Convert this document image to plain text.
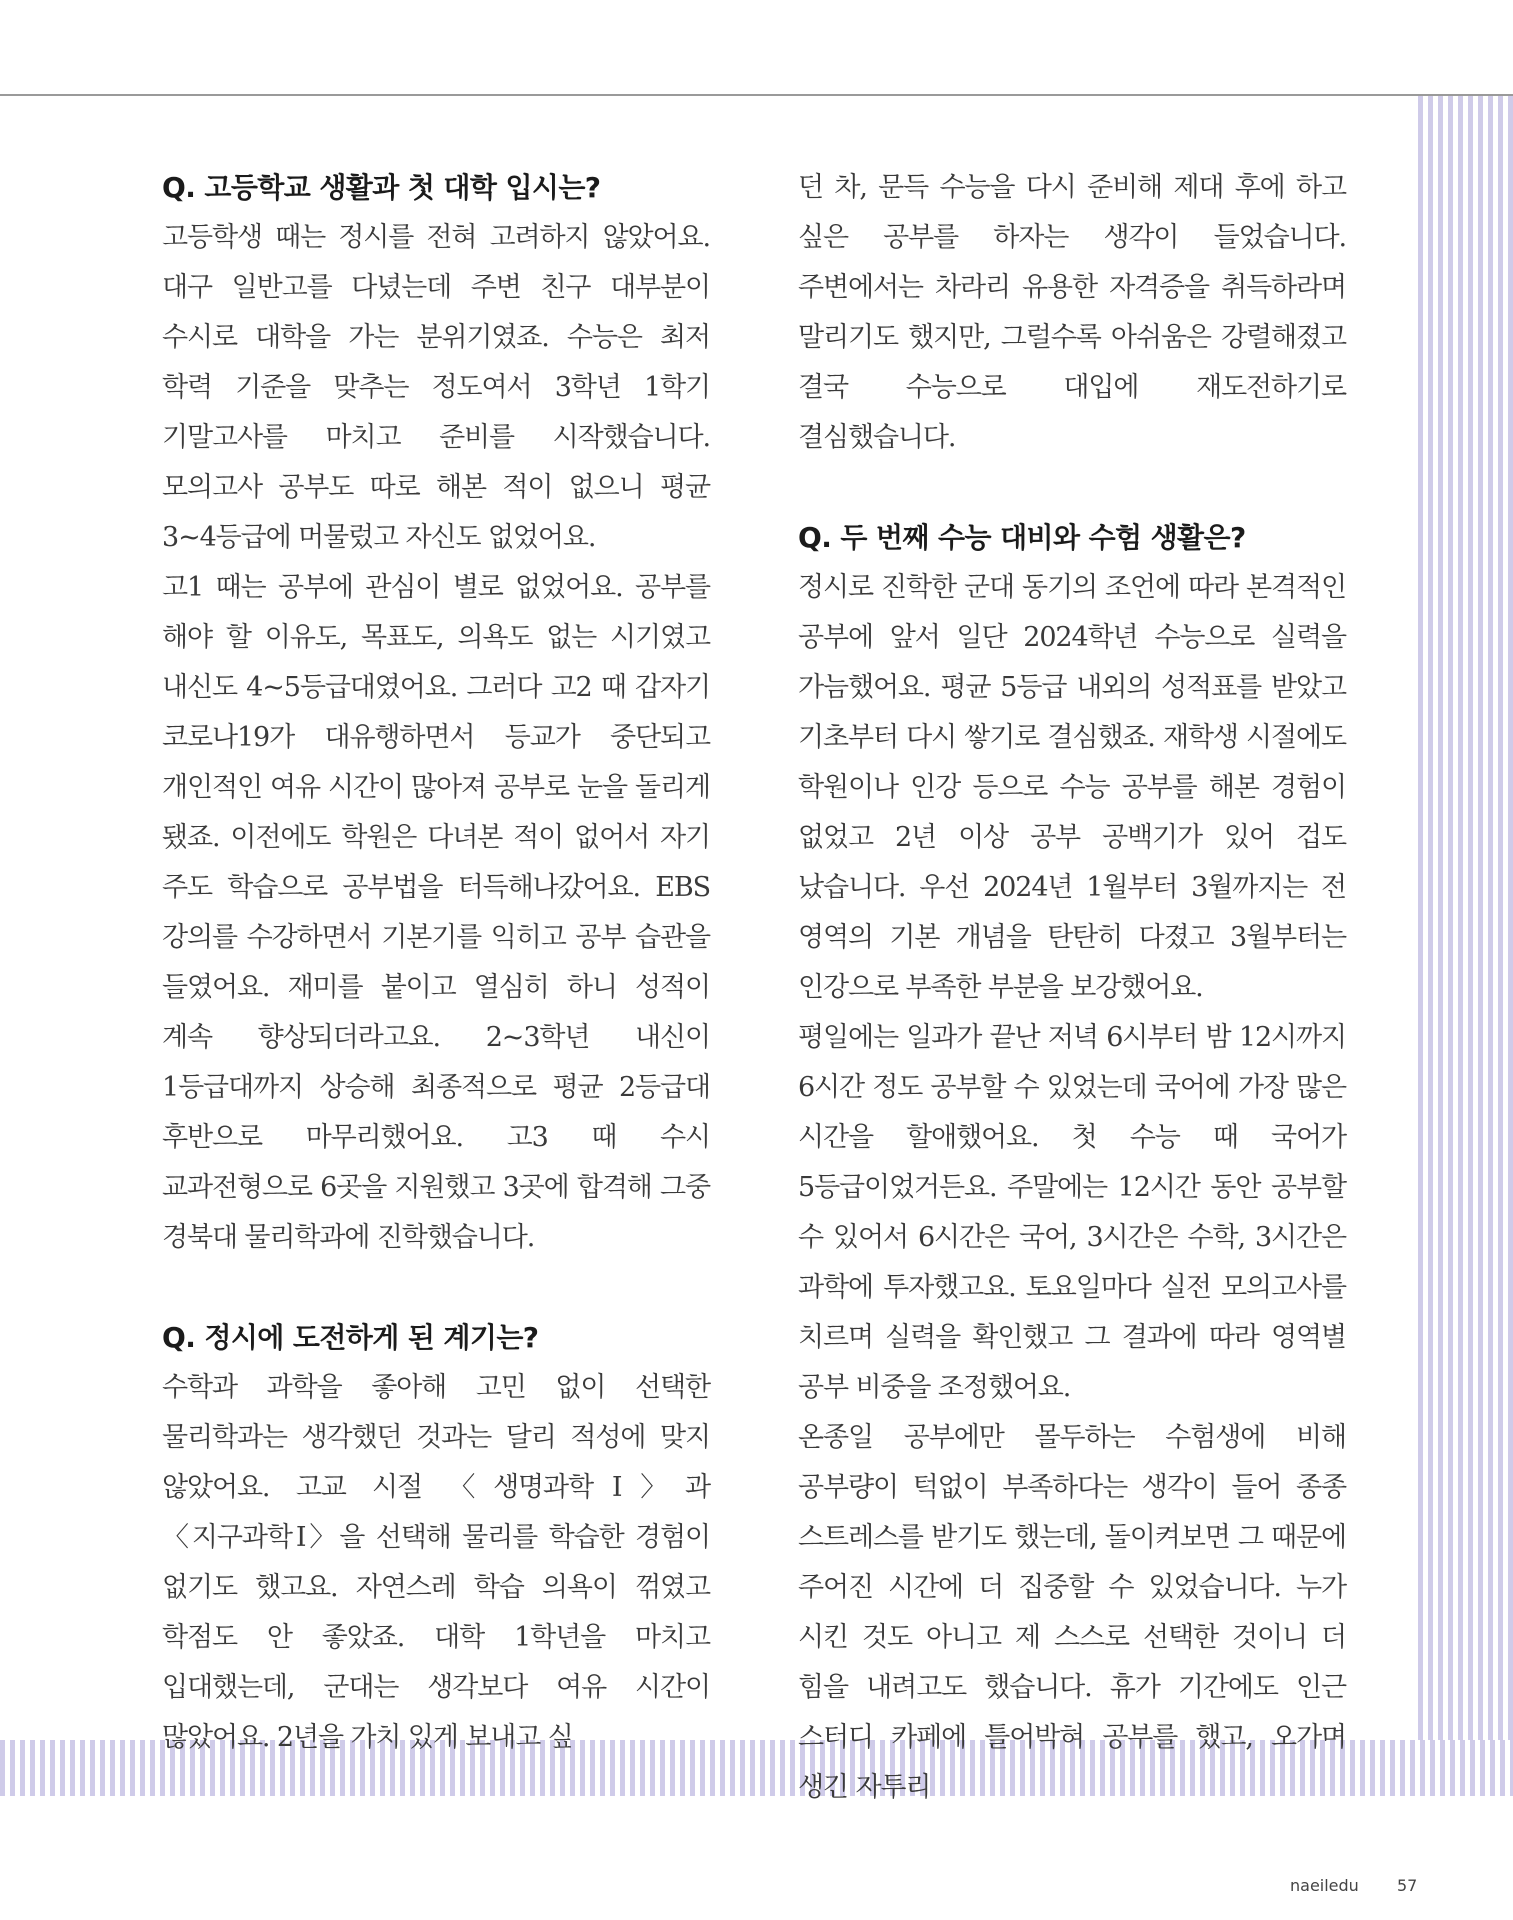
Q. 고등학교 생활과 첫 대학 입시는?

고등학생 때는 정시를 전혀 고려하지 않았어요. 대구 일반고를 다녔는데 주변 친구 대부분이 수시로 대학을 가는 분위기였죠. 수능은 최저 학력 기준을 맞추는 정도여서 3학년 1학기 기말고사를 마치고 준비를 시작했습니다. 모의고사 공부도 따로 해본 적이 없으니 평균 3~4등급에 머물렀고 자신도 없었어요.

고1 때는 공부에 관심이 별로 없었어요. 공부를 해야 할 이유도, 목표도, 의욕도 없는 시기였고 내신도 4~5등급대였어요. 그러다 고2 때 갑자기 코로나19가 대유행하면서 등교가 중단되고 개인적인 여유 시간이 많아져 공부로 눈을 돌리게 됐죠. 이전에도 학원은 다녀본 적이 없어서 자기 주도 학습으로 공부법을 터득해나갔어요. EBS 강의를 수강하면서 기본기를 익히고 공부 습관을 들였어요. 재미를 붙이고 열심히 하니 성적이 계속 향상되더라고요. 2~3학년 내신이 1등급대까지 상승해 최종적으로 평균 2등급대 후반으로 마무리했어요. 고3 때 수시 교과전형으로 6곳을 지원했고 3곳에 합격해 그중 경북대 물리학과에 진학했습니다.

Q. 정시에 도전하게 된 계기는?

수학과 과학을 좋아해 고민 없이 선택한 물리학과는 생각했던 것과는 달리 적성에 맞지 않았어요. 고교 시절 〈생명과학Ⅰ〉과 〈지구과학Ⅰ〉을 선택해 물리를 학습한 경험이 없기도 했고요. 자연스레 학습 의욕이 꺾였고 학점도 안 좋았죠. 대학 1학년을 마치고 입대했는데, 군대는 생각보다 여유 시간이 많았어요. 2년을 가치 있게 보내고 싶

던 차, 문득 수능을 다시 준비해 제대 후에 하고 싶은 공부를 하자는 생각이 들었습니다. 주변에서는 차라리 유용한 자격증을 취득하라며 말리기도 했지만, 그럴수록 아쉬움은 강렬해졌고 결국 수능으로 대입에 재도전하기로 결심했습니다.

Q. 두 번째 수능 대비와 수험 생활은?

정시로 진학한 군대 동기의 조언에 따라 본격적인 공부에 앞서 일단 2024학년 수능으로 실력을 가늠했어요. 평균 5등급 내외의 성적표를 받았고 기초부터 다시 쌓기로 결심했죠. 재학생 시절에도 학원이나 인강 등으로 수능 공부를 해본 경험이 없었고 2년 이상 공부 공백기가 있어 겁도 났습니다. 우선 2024년 1월부터 3월까지는 전 영역의 기본 개념을 탄탄히 다졌고 3월부터는 인강으로 부족한 부분을 보강했어요.

평일에는 일과가 끝난 저녁 6시부터 밤 12시까지 6시간 정도 공부할 수 있었는데 국어에 가장 많은 시간을 할애했어요. 첫 수능 때 국어가 5등급이었거든요. 주말에는 12시간 동안 공부할 수 있어서 6시간은 국어, 3시간은 수학, 3시간은 과학에 투자했고요. 토요일마다 실전 모의고사를 치르며 실력을 확인했고 그 결과에 따라 영역별 공부 비중을 조정했어요.

온종일 공부에만 몰두하는 수험생에 비해 공부량이 턱없이 부족하다는 생각이 들어 종종 스트레스를 받기도 했는데, 돌이켜보면 그 때문에 주어진 시간에 더 집중할 수 있었습니다. 누가 시킨 것도 아니고 제 스스로 선택한 것이니 더 힘을 내려고도 했습니다. 휴가 기간에도 인근 스터디 카페에 틀어박혀 공부를 했고, 오가며 생긴 자투리

naeiledu 57
